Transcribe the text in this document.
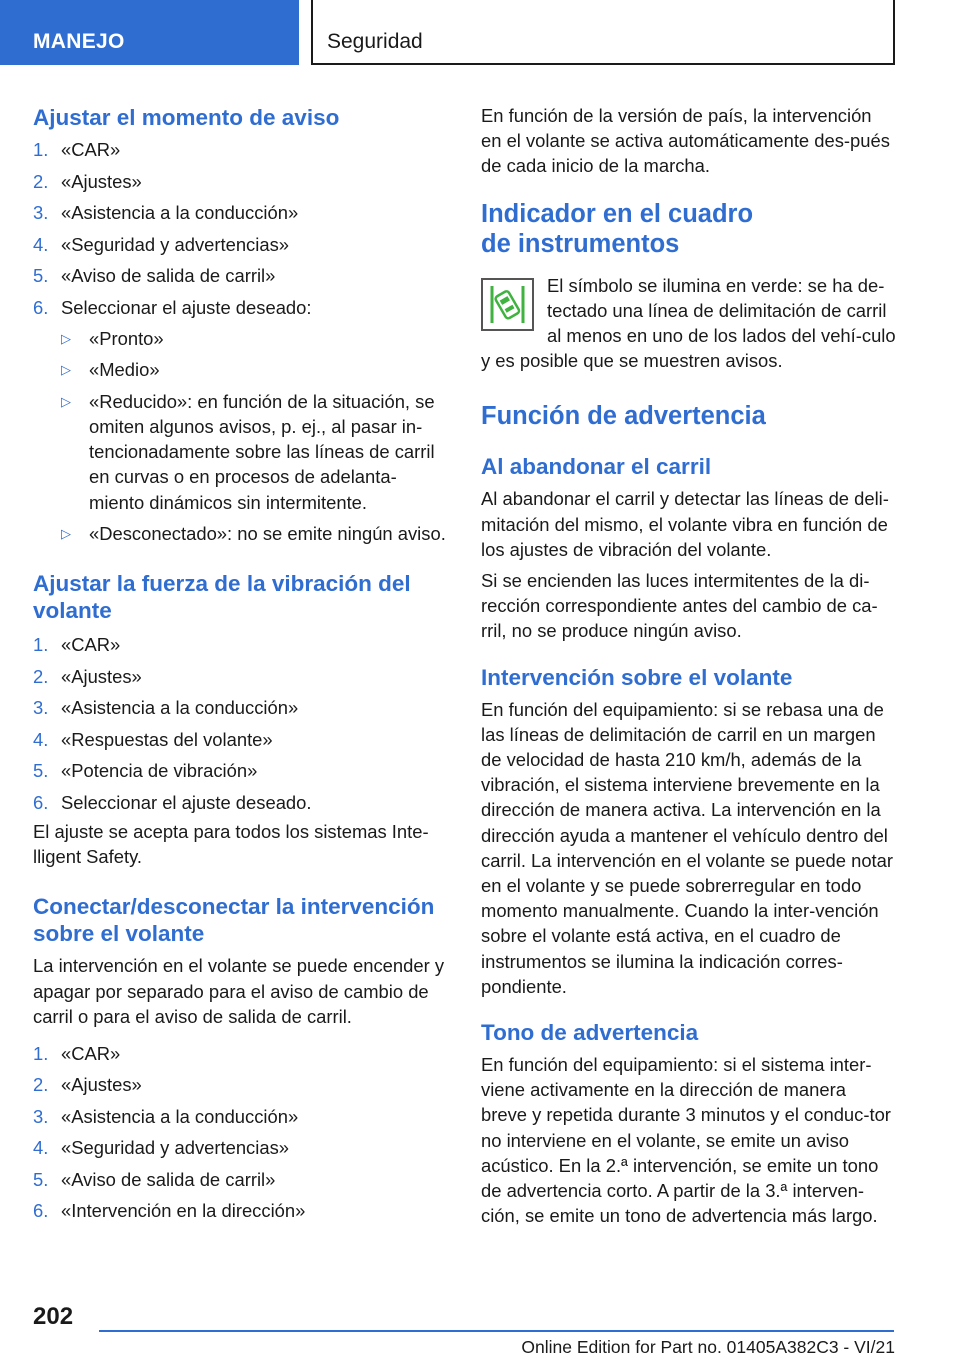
MANEJO	Seguridad
Ajustar el momento de aviso
1. «CAR»
2. «Ajustes»
3. «Asistencia a la conducción»
4. «Seguridad y advertencias»
5. «Aviso de salida de carril»
6. Seleccionar el ajuste deseado:
▷ «Pronto»
▷ «Medio»
▷ «Reducido»: en función de la situación, se omiten algunos avisos, p. ej., al pasar in‐tencionadamente sobre las líneas de carril en curvas o en procesos de adelanta‐miento dinámicos sin intermitente.
▷ «Desconectado»: no se emite ningún aviso.
Ajustar la fuerza de la vibración del volante
1. «CAR»
2. «Ajustes»
3. «Asistencia a la conducción»
4. «Respuestas del volante»
5. «Potencia de vibración»
6. Seleccionar el ajuste deseado.

El ajuste se acepta para todos los sistemas Inte‐lligent Safety.

Conectar/desconectar la intervención sobre el volante

La intervención en el volante se puede encender y apagar por separado para el aviso de cambio de carril o para el aviso de salida de carril.

1. «CAR»
2. «Ajustes»
3. «Asistencia a la conducción»
4. «Seguridad y advertencias»
5. «Aviso de salida de carril»
6. «Intervención en la dirección»

En función de la versión de país, la intervención en el volante se activa automáticamente des‐pués de cada inicio de la marcha.

Indicador en el cuadro de instrumentos

El símbolo se ilumina en verde: se ha de‐tectado una línea de delimitación de carril al menos en uno de los lados del vehí‐culo y es posible que se muestren avisos.

Función de advertencia
Al abandonar el carril

Al abandonar el carril y detectar las líneas de deli‐mitación del mismo, el volante vibra en función de los ajustes de vibración del volante.

Si se encienden las luces intermitentes de la di‐rección correspondiente antes del cambio de ca‐rril, no se produce ningún aviso.

Intervención sobre el volante

En función del equipamiento: si se rebasa una de las líneas de delimitación de carril en un margen de velocidad de hasta 210 km/h, además de la vibración, el sistema interviene brevemente en la dirección de manera activa. La intervención en la dirección ayuda a mantener el vehículo dentro del carril. La intervención en el volante se puede notar en el volante y se puede sobrerregular en todo momento manualmente. Cuando la inter‐vención sobre el volante está activa, en el cuadro de instrumentos se ilumina la indicación corres‐pondiente.

Tono de advertencia

En función del equipamiento: si el sistema inter‐viene activamente en la dirección de manera breve y repetida durante 3 minutos y el conduc‐tor no interviene en el volante, se emite un aviso acústico. En la 2.ª intervención, se emite un tono de advertencia corto. A partir de la 3.ª interven‐ción, se emite un tono de advertencia más largo.

202
Online Edition for Part no. 01405A382C3 - VI/21
